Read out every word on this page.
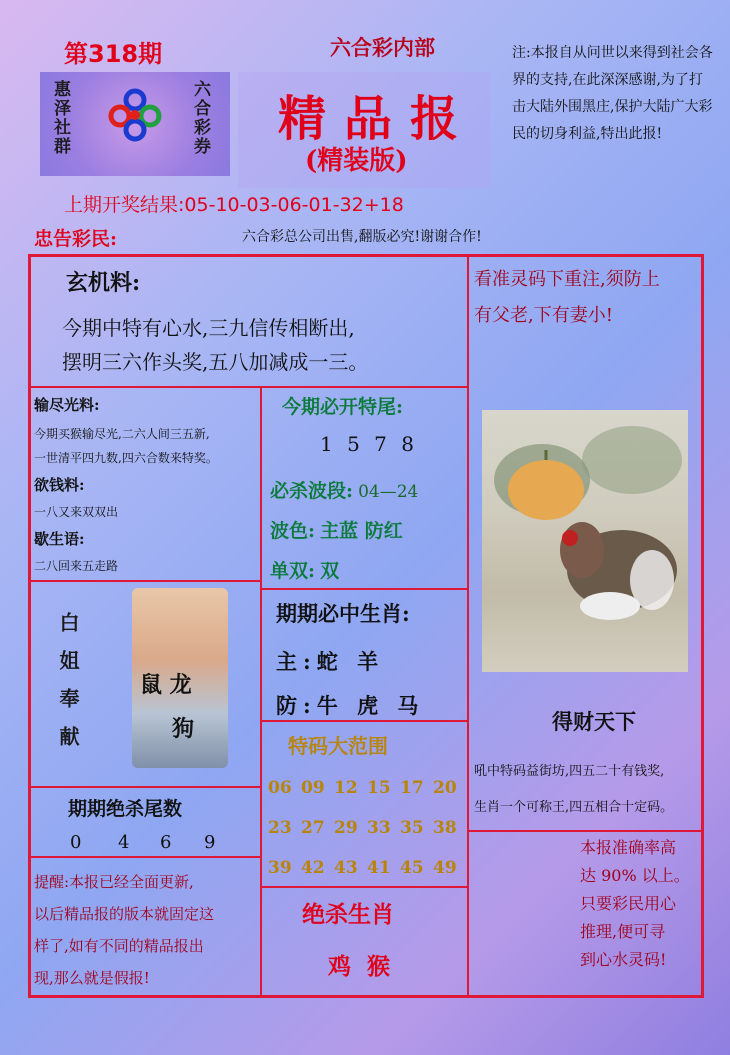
第318期
惠泽社群	六合彩券
六合彩内部
精品报
(精装版)
注:本报自从问世以来得到社会各界的支持,在此深深感谢,为了打击大陆外围黑庄,保护大陆广大彩民的切身利益,特出此报!
上期开奖结果:05-10-03-06-01-32+18
忠告彩民:	六合彩总公司出售,翻版必究!谢谢合作!
玄机料:
今期中特有心水,三九信传相断出,
摆明三六作头奖,五八加减成一三。
看准灵码下重注,须防上
有父老,下有妻小!
输尽光料:
今期买猴输尽光,二六人间三五新,
一世清平四九数,四六合数来特奖。
欲钱料:
一八又来双双出
歇生语:
二八回来五走路
今期必开特尾:
1 5 7 8
必杀波段: 04—24
波色: 主蓝 防红
单双: 双
期期必中生肖:
主:蛇 羊
防:牛 虎 马
白姐奉献	鼠 龙
狗	得财天下
吼中特码益街坊,四五二十有钱奖,
生肖一个可称王,四五相合十定码。
特码大范围
06 09 12 15 17 20
23 27 29 33 35 38
39 42 43 41 45 49
期期绝杀尾数
0 4 6 9
提醒:本报已经全面更新,
以后精品报的版本就固定这
样了,如有不同的精品报出
现,那么就是假报!
绝杀生肖
鸡 猴
本报准确率高
达 90% 以上。
只要彩民用心
推理,便可寻
到心水灵码!
